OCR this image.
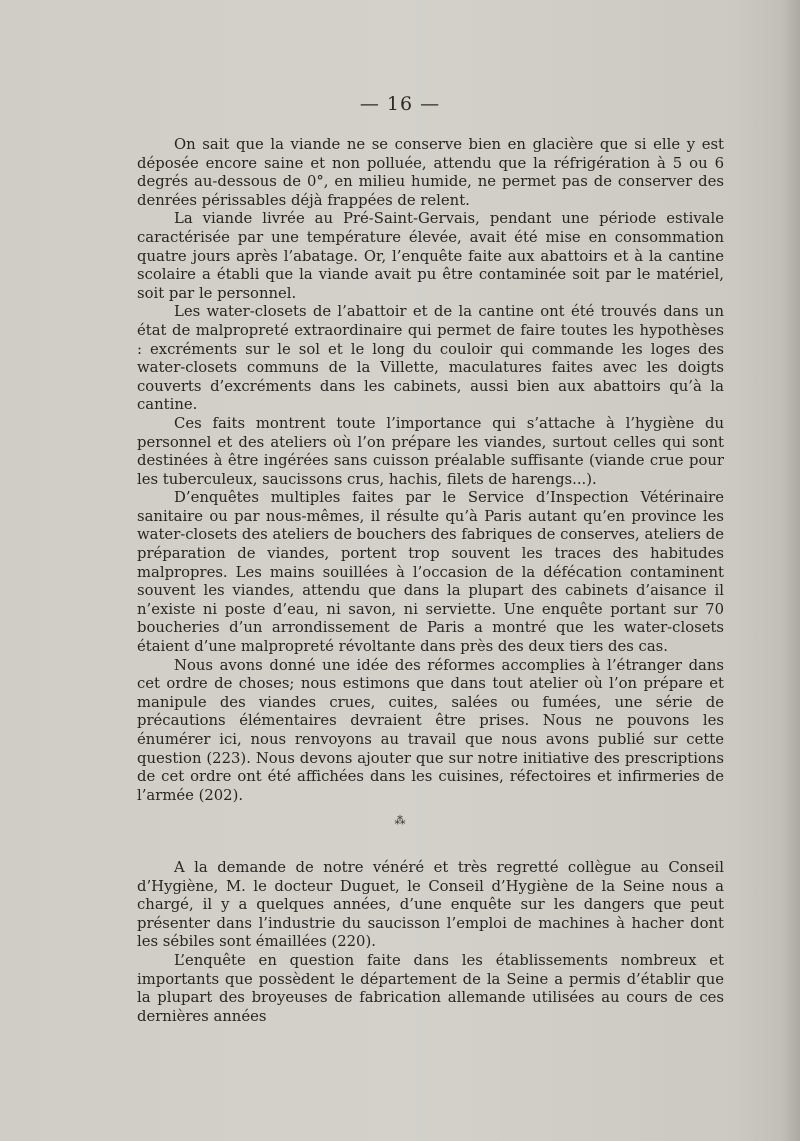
— 16 —

On sait que la viande ne se conserve bien en glacière que si elle y est déposée encore saine et non polluée, attendu que la réfrigération à 5 ou 6 degrés au-dessous de 0°, en milieu humide, ne permet pas de conserver des denrées périssables déjà frappées de relent.

La viande livrée au Pré-Saint-Gervais, pendant une période estivale caractérisée par une température élevée, avait été mise en consommation quatre jours après l’abatage. Or, l’enquête faite aux abattoirs et à la cantine scolaire a établi que la viande avait pu être contaminée soit par le matériel, soit par le personnel.

Les water-closets de l’abattoir et de la cantine ont été trouvés dans un état de malpropreté extraordinaire qui permet de faire toutes les hypothèses : excréments sur le sol et le long du couloir qui commande les loges des water-closets communs de la Villette, maculatures faites avec les doigts couverts d’excréments dans les cabinets, aussi bien aux abattoirs qu’à la cantine.

Ces faits montrent toute l’importance qui s’attache à l’hygiène du personnel et des ateliers où l’on prépare les viandes, surtout celles qui sont destinées à être ingérées sans cuisson préalable suffisante (viande crue pour les tuberculeux, saucissons crus, hachis, filets de harengs...).

D’enquêtes multiples faites par le Service d’Inspection Vétérinaire sanitaire ou par nous-mêmes, il résulte qu’à Paris autant qu’en province les water-closets des ateliers de bouchers des fabriques de conserves, ateliers de préparation de viandes, portent trop souvent les traces des habitudes malpropres. Les mains souillées à l’occasion de la défécation contaminent souvent les viandes, attendu que dans la plupart des cabinets d’aisance il n’existe ni poste d’eau, ni savon, ni serviette. Une enquête portant sur 70 boucheries d’un arrondissement de Paris a montré que les water-closets étaient d’une malpropreté révoltante dans près des deux tiers des cas.

Nous avons donné une idée des réformes accomplies à l’étranger dans cet ordre de choses; nous estimons que dans tout atelier où l’on prépare et manipule des viandes crues, cuites, salées ou fumées, une série de précautions élémentaires devraient être prises. Nous ne pouvons les énumérer ici, nous renvoyons au travail que nous avons publié sur cette question (223). Nous devons ajouter que sur notre initiative des prescriptions de cet ordre ont été affichées dans les cuisines, réfectoires et infirmeries de l’armée (202).

⁂

A la demande de notre vénéré et très regretté collègue au Conseil d’Hygiène, M. le docteur Duguet, le Conseil d’Hygiène de la Seine nous a chargé, il y a quelques années, d’une enquête sur les dangers que peut présenter dans l’industrie du saucisson l’emploi de machines à hacher dont les sébiles sont émaillées (220).

L’enquête en question faite dans les établissements nombreux et importants que possèdent le département de la Seine a permis d’établir que la plupart des broyeuses de fabrication allemande utilisées au cours de ces dernières années
